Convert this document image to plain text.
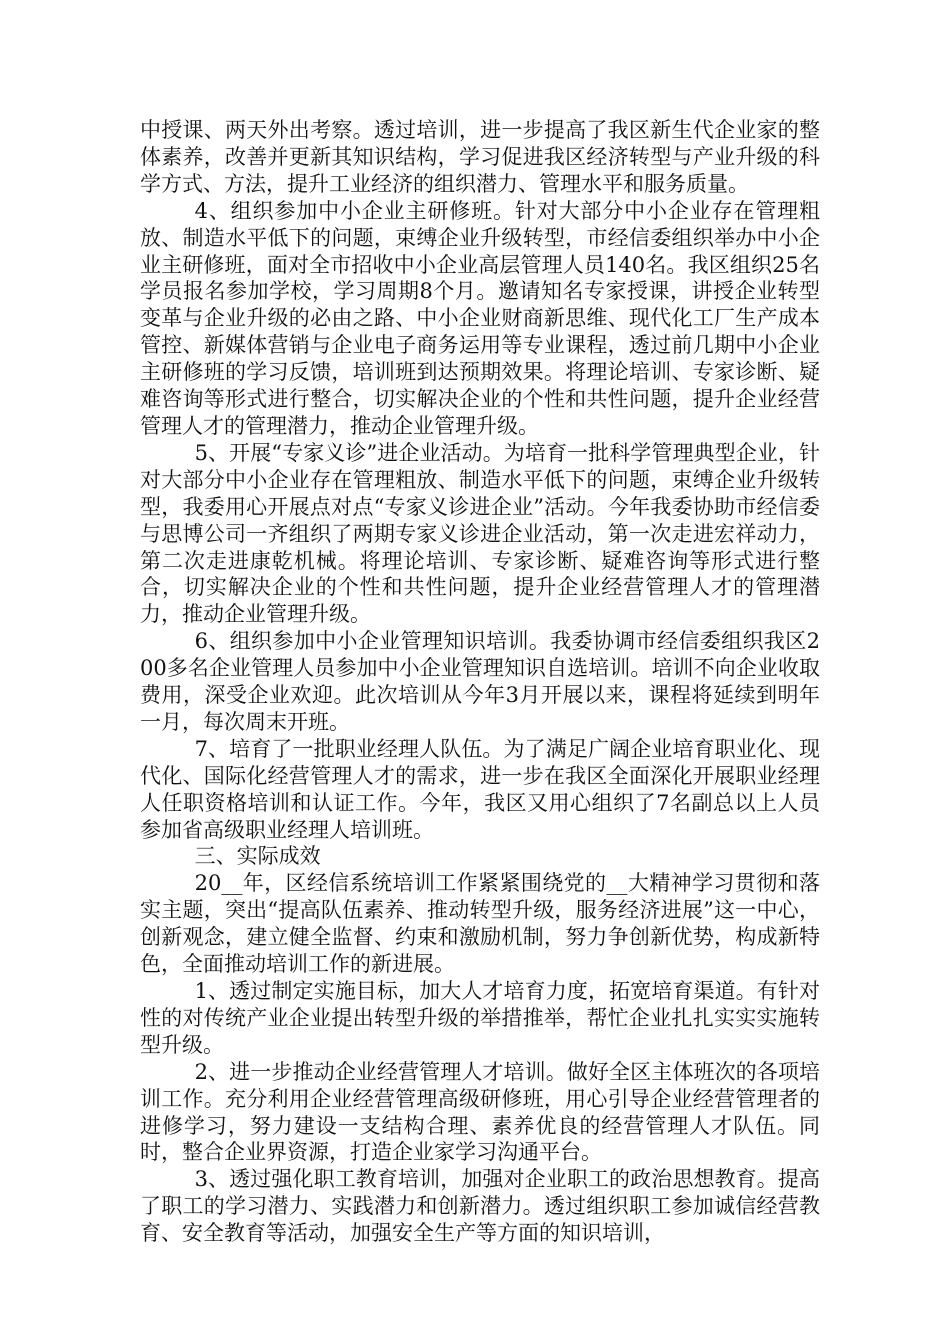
中授课、两天外出考察。透过培训，进一步提高了我区新生代企业家的整体素养，改善并更新其知识结构，学习促进我区经济转型与产业升级的科学方式、方法，提升工业经济的组织潜力、管理水平和服务质量。

4、组织参加中小企业主研修班。针对大部分中小企业存在管理粗放、制造水平低下的问题，束缚企业升级转型，市经信委组织举办中小企业主研修班，面对全市招收中小企业高层管理人员140名。我区组织25名学员报名参加学校，学习周期8个月。邀请知名专家授课，讲授企业转型变革与企业升级的必由之路、中小企业财商新思维、现代化工厂生产成本管控、新媒体营销与企业电子商务运用等专业课程，透过前几期中小企业主研修班的学习反馈，培训班到达预期效果。将理论培训、专家诊断、疑难咨询等形式进行整合，切实解决企业的个性和共性问题，提升企业经营管理人才的管理潜力，推动企业管理升级。

5、开展“专家义诊”进企业活动。为培育一批科学管理典型企业，针对大部分中小企业存在管理粗放、制造水平低下的问题，束缚企业升级转型，我委用心开展点对点“专家义诊进企业”活动。今年我委协助市经信委与思博公司一齐组织了两期专家义诊进企业活动，第一次走进宏祥动力，第二次走进康乾机械。将理论培训、专家诊断、疑难咨询等形式进行整合，切实解决企业的个性和共性问题，提升企业经营管理人才的管理潜力，推动企业管理升级。

6、组织参加中小企业管理知识培训。我委协调市经信委组织我区200多名企业管理人员参加中小企业管理知识自选培训。培训不向企业收取费用，深受企业欢迎。此次培训从今年3月开展以来，课程将延续到明年一月，每次周末开班。

7、培育了一批职业经理人队伍。为了满足广阔企业培育职业化、现代化、国际化经营管理人才的需求，进一步在我区全面深化开展职业经理人任职资格培训和认证工作。今年，我区又用心组织了7名副总以上人员参加省高级职业经理人培训班。

三、实际成效

20__年，区经信系统培训工作紧紧围绕党的__大精神学习贯彻和落实主题，突出“提高队伍素养、推动转型升级，服务经济进展”这一中心，创新观念，建立健全监督、约束和激励机制，努力争创新优势，构成新特色，全面推动培训工作的新进展。

1、透过制定实施目标，加大人才培育力度，拓宽培育渠道。有针对性的对传统产业企业提出转型升级的举措推举，帮忙企业扎扎实实实施转型升级。

2、进一步推动企业经营管理人才培训。做好全区主体班次的各项培训工作。充分利用企业经营管理高级研修班，用心引导企业经营管理者的进修学习，努力建设一支结构合理、素养优良的经营管理人才队伍。同时，整合企业界资源，打造企业家学习沟通平台。

3、透过强化职工教育培训，加强对企业职工的政治思想教育。提高了职工的学习潜力、实践潜力和创新潜力。透过组织职工参加诚信经营教育、安全教育等活动，加强安全生产等方面的知识培训，
